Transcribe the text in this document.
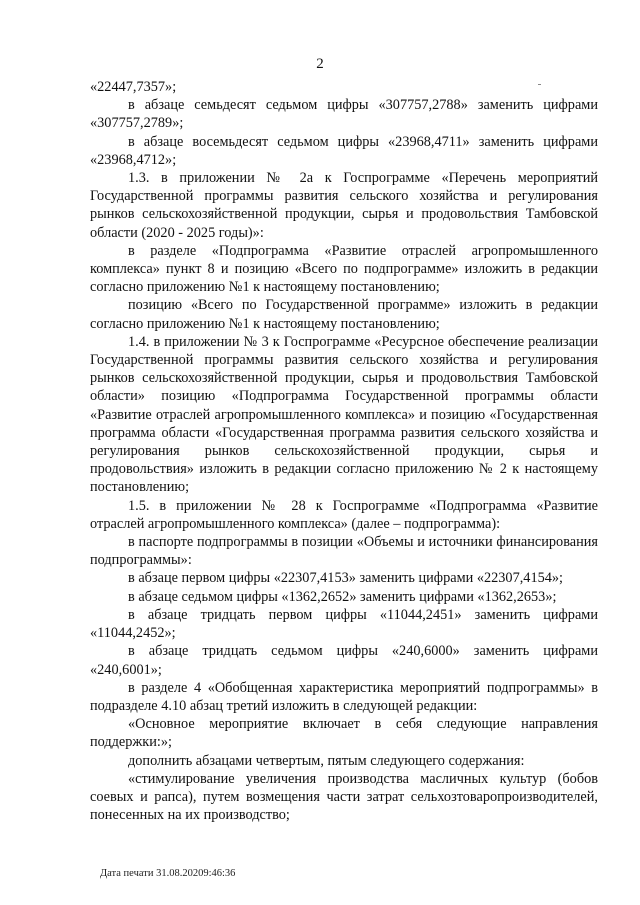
2

«22447,7357»;

в абзаце семьдесят седьмом цифры «307757,2788» заменить цифрами «307757,2789»;

в абзаце восемьдесят седьмом цифры «23968,4711» заменить цифрами «23968,4712»;

1.3. в приложении № 2а к Госпрограмме «Перечень мероприятий Государственной программы развития сельского хозяйства и регулирования рынков сельскохозяйственной продукции, сырья и продовольствия Тамбовской области (2020 - 2025 годы)»:

в разделе «Подпрограмма «Развитие отраслей агропромышленного комплекса» пункт 8 и позицию «Всего по подпрограмме» изложить в редакции согласно приложению №1 к настоящему постановлению;

позицию «Всего по Государственной программе» изложить в редакции согласно приложению №1 к настоящему постановлению;

1.4. в приложении № 3 к Госпрограмме «Ресурсное обеспечение реализации Государственной программы развития сельского хозяйства и регулирования рынков сельскохозяйственной продукции, сырья и продовольствия Тамбовской области» позицию «Подпрограмма Государственной программы области «Развитие отраслей агропромышленного комплекса» и позицию «Государственная программа области «Государственная программа развития сельского хозяйства и регулирования рынков сельскохозяйственной продукции, сырья и продовольствия» изложить в редакции согласно приложению № 2 к настоящему постановлению;

1.5. в приложении № 28 к Госпрограмме «Подпрограмма «Развитие отраслей агропромышленного комплекса» (далее – подпрограмма):

в паспорте подпрограммы в позиции «Объемы и источники финансирования подпрограммы»:

в абзаце первом цифры «22307,4153» заменить цифрами «22307,4154»;

в абзаце седьмом цифры «1362,2652» заменить цифрами «1362,2653»;

в абзаце тридцать первом цифры «11044,2451» заменить цифрами «11044,2452»;

в абзаце тридцать седьмом цифры «240,6000» заменить цифрами «240,6001»;

в разделе 4 «Обобщенная характеристика мероприятий подпрограммы» в подразделе 4.10 абзац третий изложить в следующей редакции:

«Основное мероприятие включает в себя следующие направления поддержки:»;

дополнить абзацами четвертым, пятым следующего содержания:

«стимулирование увеличения производства масличных культур (бобов соевых и рапса), путем возмещения части затрат сельхозтоваропроизводителей, понесенных на их производство;

Дата печати 31.08.20209:46:36
